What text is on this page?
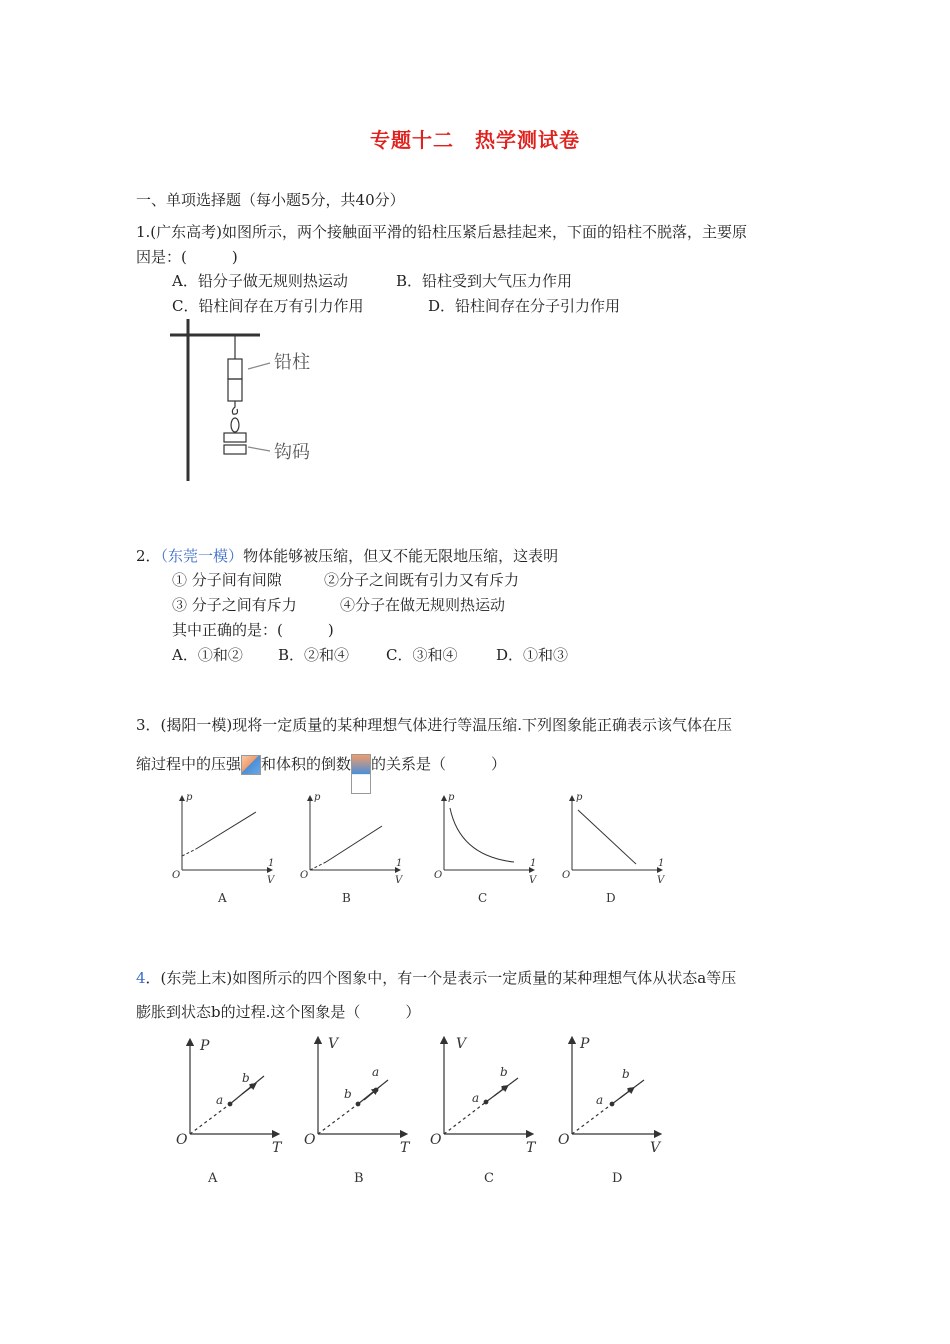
专题十二　热学测试卷
一、单项选择题（每小题5分，共40分）
1.(广东高考)如图所示，两个接触面平滑的铅柱压紧后悬挂起来，下面的铅柱不脱落，主要原
因是：(　　　)
A．铅分子做无规则热运动	B．铅柱受到大气压力作用
C．铅柱间存在万有引力作用	D．铅柱间存在分子引力作用
铅柱
钩码
2．（东莞一模）物体能够被压缩，但又不能无限地压缩，这表明
① 分子间有间隙	②分子之间既有引力又有斥力
③ 分子之间有斥力	④分子在做无规则热运动
其中正确的是：(　　　)
A．①和② B．②和④ C．③和④	D．①和③
3．(揭阳一模)现将一定质量的某种理想气体进行等温压缩.下列图象能正确表示该气体在压
缩过程中的压强 和体积的倒数 的关系是（　　　）
p
O
1
V
p
O
1
V
p
O
1
V
p
O
1
V
A	B	C	D
4．(东莞上末)如图所示的四个图象中，有一个是表示一定质量的某种理想气体从状态a等压
膨胀到状态b的过程.这个图象是（　　　）
P
O	T
a
b
V
O	T
b
a
V
O	T
a
b
P
O	V
a
b
A	B	C	D
